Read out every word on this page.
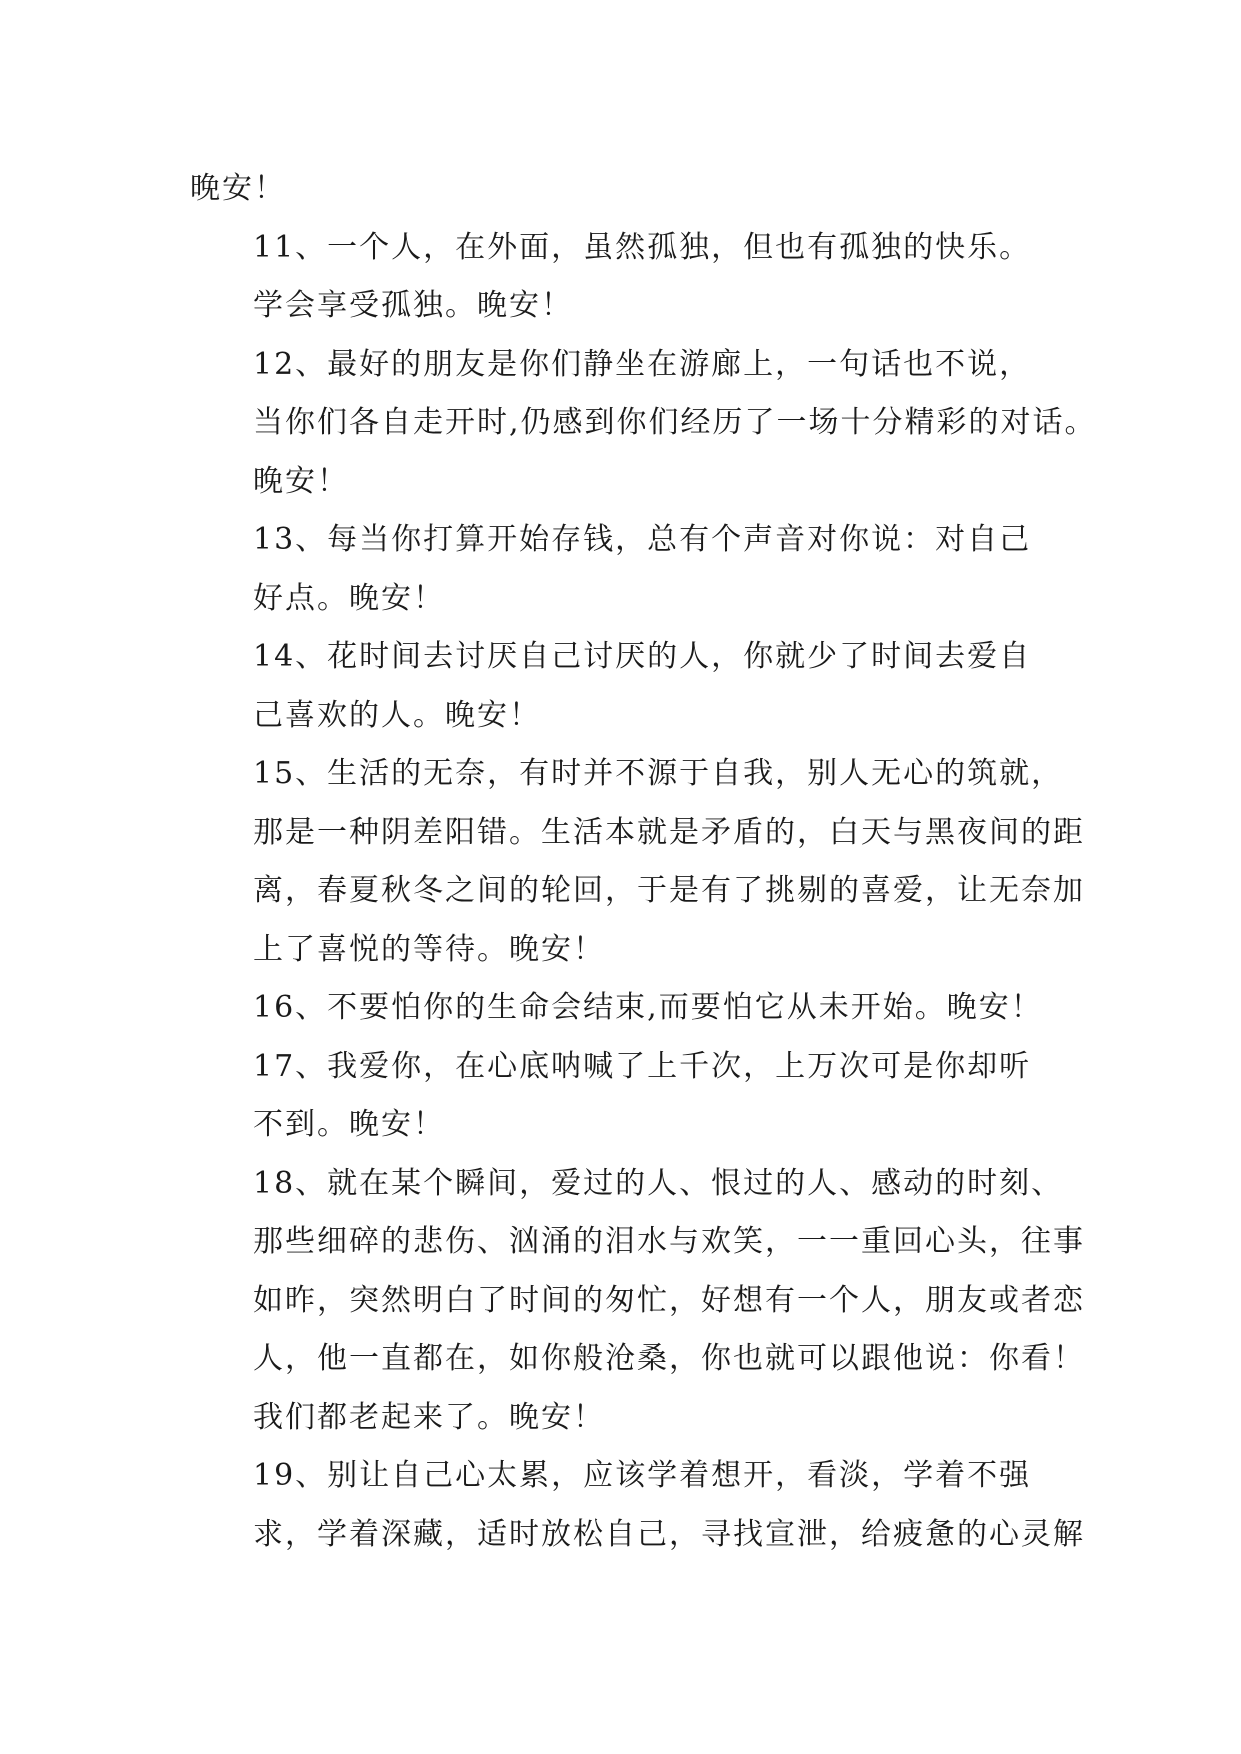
晚安！

11、一个人，在外面，虽然孤独，但也有孤独的快乐。
学会享受孤独。晚安！

12、最好的朋友是你们静坐在游廊上，一句话也不说，
当你们各自走开时,仍感到你们经历了一场十分精彩的对话。
晚安！

13、每当你打算开始存钱，总有个声音对你说：对自己
好点。晚安！

14、花时间去讨厌自己讨厌的人，你就少了时间去爱自
己喜欢的人。晚安！

15、生活的无奈，有时并不源于自我，别人无心的筑就，
那是一种阴差阳错。生活本就是矛盾的，白天与黑夜间的距
离，春夏秋冬之间的轮回，于是有了挑剔的喜爱，让无奈加
上了喜悦的等待。晚安！

16、不要怕你的生命会结束,而要怕它从未开始。晚安！

17、我爱你，在心底呐喊了上千次，上万次可是你却听
不到。晚安！

18、就在某个瞬间，爱过的人、恨过的人、感动的时刻、
那些细碎的悲伤、汹涌的泪水与欢笑，一一重回心头，往事
如昨，突然明白了时间的匆忙，好想有一个人，朋友或者恋
人，他一直都在，如你般沧桑，你也就可以跟他说：你看！
我们都老起来了。晚安！

19、别让自己心太累，应该学着想开，看淡，学着不强
求，学着深藏，适时放松自己，寻找宣泄，给疲惫的心灵解
